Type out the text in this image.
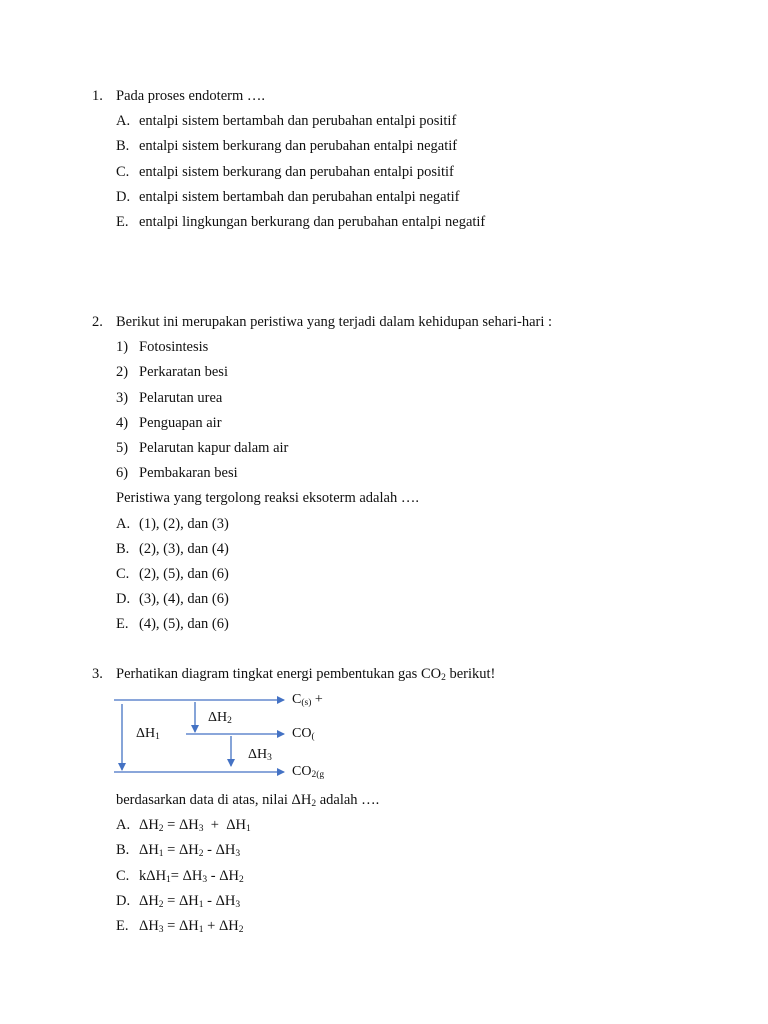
1. Pada proses endoterm ….
A. entalpi sistem bertambah dan perubahan entalpi positif
B. entalpi sistem berkurang dan perubahan entalpi negatif
C. entalpi sistem berkurang dan perubahan entalpi positif
D. entalpi sistem bertambah dan perubahan entalpi negatif
E. entalpi lingkungan berkurang dan perubahan entalpi negatif
2. Berikut ini merupakan peristiwa yang terjadi dalam kehidupan sehari-hari :
1) Fotosintesis
2) Perkaratan besi
3) Pelarutan urea
4) Penguapan air
5) Pelarutan kapur dalam air
6) Pembakaran besi
Peristiwa yang tergolong reaksi eksoterm adalah ….
A. (1), (2), dan (3)
B. (2), (3), dan (4)
C. (2), (5), dan (6)
D. (3), (4), dan (6)
E. (4), (5), dan (6)
3. Perhatikan diagram tingkat energi pembentukan gas $CO_2$ berikut!
$C_{(s)}$ +
$CO_($
$CO_{2(g}$
$\Delta H_1$
$\Delta H_2$
$\Delta H_3$
berdasarkan data di atas, nilai $\Delta H_2$ adalah ….
A. $\Delta H_2 = \Delta H_3 + \Delta H_1$
B. $\Delta H_1 = \Delta H_2 - \Delta H_3$
C. $k\Delta H_1= \Delta H_3 - \Delta H_2$
D. $\Delta H_2 = \Delta H_1 - \Delta H_3$
E. $\Delta H_3 = \Delta H_1 + \Delta H_2$
